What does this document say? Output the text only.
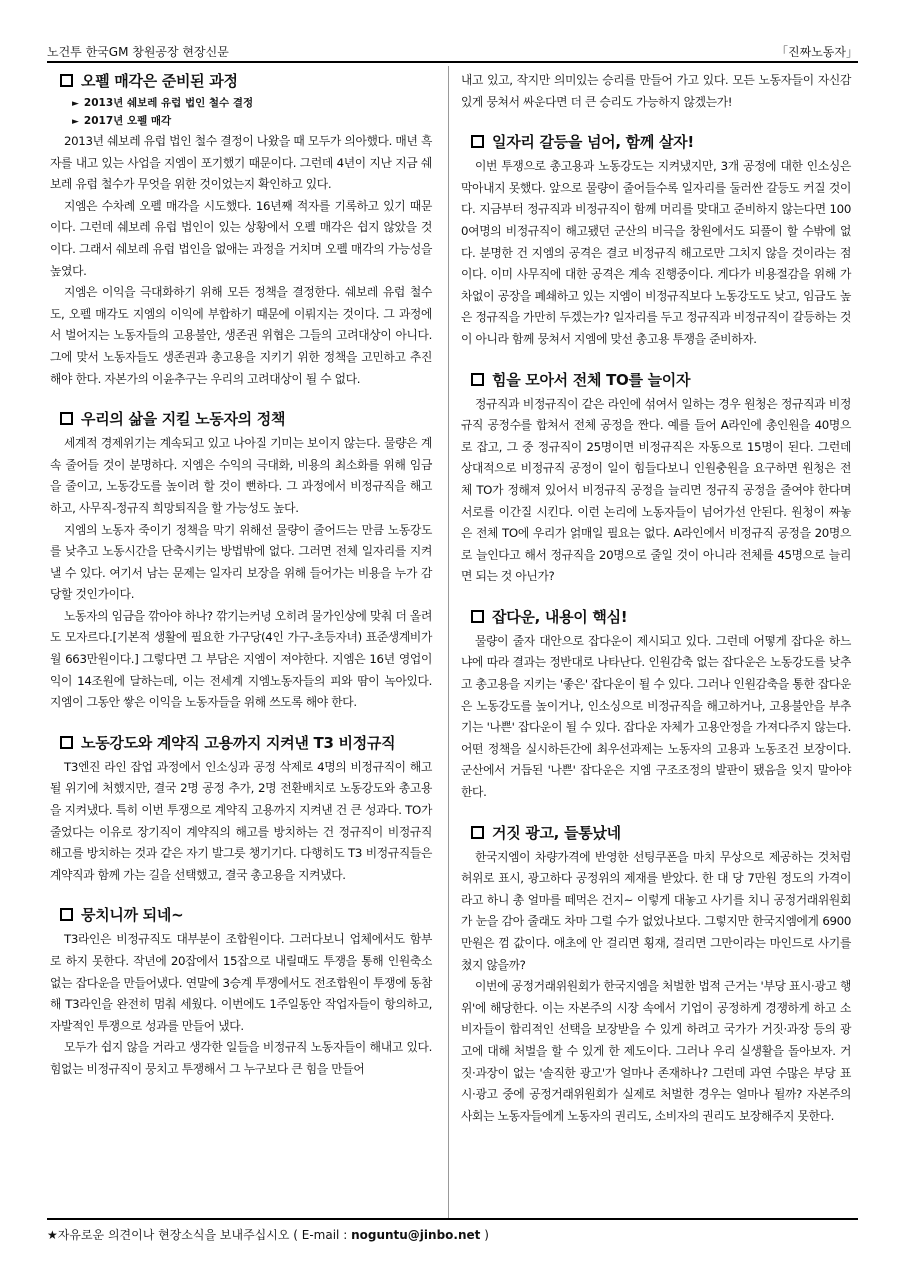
노건투 한국GM 창원공장 현장신문	「진짜노동자」
오펠 매각은 준비된 과정
► 2013년 쉐보레 유럽 법인 철수 결정
► 2017년 오펠 매각

2013년 쉐보레 유럽 법인 철수 결정이 나왔을 때 모두가 의아했다. 매년 흑자를 내고 있는 사업을 지엠이 포기했기 때문이다. 그런데 4년이 지난 지금 쉐보레 유럽 철수가 무엇을 위한 것이었는지 확인하고 있다.

지엠은 수차례 오펠 매각을 시도했다. 16년째 적자를 기록하고 있기 때문이다. 그런데 쉐보레 유럽 법인이 있는 상황에서 오펠 매각은 쉽지 않았을 것이다. 그래서 쉐보레 유럽 법인을 없애는 과정을 거치며 오펠 매각의 가능성을 높였다.

지엠은 이익을 극대화하기 위해 모든 정책을 결정한다. 쉐보레 유럽 철수도, 오펠 매각도 지엠의 이익에 부합하기 때문에 이뤄지는 것이다. 그 과정에서 벌어지는 노동자들의 고용불안, 생존권 위협은 그들의 고려대상이 아니다. 그에 맞서 노동자들도 생존권과 총고용을 지키기 위한 정책을 고민하고 추진해야 한다. 자본가의 이윤추구는 우리의 고려대상이 될 수 없다.

우리의 삶을 지킬 노동자의 정책

세계적 경제위기는 계속되고 있고 나아질 기미는 보이지 않는다. 물량은 계속 줄어들 것이 분명하다. 지엠은 수익의 극대화, 비용의 최소화를 위해 임금을 줄이고, 노동강도를 높이려 할 것이 뻔하다. 그 과정에서 비정규직을 해고하고, 사무직-정규직 희망퇴직을 할 가능성도 높다.

지엠의 노동자 죽이기 정책을 막기 위해선 물량이 줄어드는 만큼 노동강도를 낮추고 노동시간을 단축시키는 방법밖에 없다. 그러면 전체 일자리를 지켜낼 수 있다. 여기서 남는 문제는 일자리 보장을 위해 들어가는 비용을 누가 감당할 것인가이다.

노동자의 임금을 깎아야 하나? 깎기는커녕 오히려 물가인상에 맞춰 더 올려도 모자르다.[기본적 생활에 필요한 가구당(4인 가구-초등자녀) 표준생계비가 월 663만원이다.] 그렇다면 그 부담은 지엠이 져야한다. 지엠은 16년 영업이익이 14조원에 달하는데, 이는 전세계 지엠노동자들의 피와 땀이 녹아있다. 지엠이 그동안 쌓은 이익을 노동자들을 위해 쓰도록 해야 한다.

노동강도와 계약직 고용까지 지켜낸 T3 비정규직

T3엔진 라인 잡업 과정에서 인소싱과 공정 삭제로 4명의 비정규직이 해고될 위기에 처했지만, 결국 2명 공정 추가, 2명 전환배치로 노동강도와 총고용을 지켜냈다. 특히 이번 투쟁으로 계약직 고용까지 지켜낸 건 큰 성과다. TO가 줄었다는 이유로 장기직이 계약직의 해고를 방치하는 건 정규직이 비정규직 해고를 방치하는 것과 같은 자기 발그릇 챙기기다. 다행히도 T3 비정규직들은 계약직과 함께 가는 길을 선택했고, 결국 총고용을 지켜냈다.

뭉치니까 되네~

T3라인은 비정규직도 대부분이 조합원이다. 그러다보니 업체에서도 함부로 하지 못한다. 작년에 20잡에서 15잡으로 내릴때도 투쟁을 통해 인원축소 없는 잡다운을 만들어냈다. 연말에 3승계 투쟁에서도 전조합원이 투쟁에 동참해 T3라인을 완전히 멈춰 세웠다. 이번에도 1주일동안 작업자들이 항의하고, 자발적인 투쟁으로 성과를 만들어 냈다.

모두가 쉽지 않을 거라고 생각한 일들을 비정규직 노동자들이 해내고 있다. 힘없는 비정규직이 뭉치고 투쟁해서 그 누구보다 큰 힘을 만들어

내고 있고, 작지만 의미있는 승리를 만들어 가고 있다. 모든 노동자들이 자신감 있게 뭉쳐서 싸운다면 더 큰 승리도 가능하지 않겠는가!

일자리 갈등을 넘어, 함께 살자!

이번 투쟁으로 총고용과 노동강도는 지켜냈지만, 3개 공정에 대한 인소싱은 막아내지 못했다. 앞으로 물량이 줄어들수록 일자리를 둘러싼 갈등도 커질 것이다. 지금부터 정규직과 비정규직이 함께 머리를 맞대고 준비하지 않는다면 1000여명의 비정규직이 해고됐던 군산의 비극을 창원에서도 되풀이 할 수밖에 없다. 분명한 건 지엠의 공격은 결코 비정규직 해고로만 그치지 않을 것이라는 점이다. 이미 사무직에 대한 공격은 계속 진행중이다. 게다가 비용절감을 위해 가차없이 공장을 폐쇄하고 있는 지엠이 비정규직보다 노동강도도 낮고, 임금도 높은 정규직을 가만히 두겠는가? 일자리를 두고 정규직과 비정규직이 갈등하는 것이 아니라 함께 뭉쳐서 지엠에 맞선 총고용 투쟁을 준비하자.

힘을 모아서 전체 TO를 늘이자

정규직과 비정규직이 같은 라인에 섞여서 일하는 경우 원청은 정규직과 비정규직 공정수를 합쳐서 전체 공정을 짠다. 예를 들어 A라인에 총인원을 40명으로 잡고, 그 중 정규직이 25명이면 비정규직은 자동으로 15명이 된다. 그런데 상대적으로 비정규직 공정이 일이 힘들다보니 인원충원을 요구하면 원청은 전체 TO가 정해져 있어서 비정규직 공정을 늘리면 정규직 공정을 줄여야 한다며 서로를 이간질 시킨다. 이런 논리에 노동자들이 넘어가선 안된다. 원청이 짜놓은 전체 TO에 우리가 얽매일 필요는 없다. A라인에서 비정규직 공정을 20명으로 늘인다고 해서 정규직을 20명으로 줄일 것이 아니라 전체를 45명으로 늘리면 되는 것 아닌가?

잡다운, 내용이 핵심!

물량이 줄자 대안으로 잡다운이 제시되고 있다. 그런데 어떻게 잡다운 하느냐에 따라 결과는 정반대로 나타난다. 인원감축 없는 잡다운은 노동강도를 낮추고 총고용을 지키는 '좋은' 잡다운이 될 수 있다. 그러나 인원감축을 통한 잡다운은 노동강도를 높이거나, 인소싱으로 비정규직을 해고하거나, 고용불안을 부추기는 '나쁜' 잡다운이 될 수 있다. 잡다운 자체가 고용안정을 가져다주지 않는다. 어떤 정책을 실시하든간에 최우선과제는 노동자의 고용과 노동조건 보장이다. 군산에서 거듭된 '나쁜' 잡다운은 지엠 구조조정의 발판이 됐음을 잊지 말아야 한다.

거짓 광고, 들통났네

한국지엠이 차량가격에 반영한 선팅쿠폰을 마치 무상으로 제공하는 것처럼 허위로 표시, 광고하다 공정위의 제재를 받았다. 한 대 당 7만원 정도의 가격이라고 하니 총 얼마를 떼먹은 건지~ 이렇게 대놓고 사기를 치니 공정거래위원회가 눈을 감아 줄래도 차마 그럴 수가 없었나보다. 그렇지만 한국지엠에게 6900만원은 껌 값이다. 애초에 안 걸리면 횡재, 걸리면 그만이라는 마인드로 사기를 쳤지 않을까?

이번에 공정거래위원회가 한국지엠을 처벌한 법적 근거는 '부당 표시·광고 행위'에 해당한다. 이는 자본주의 시장 속에서 기업이 공정하게 경쟁하게 하고 소비자들이 합리적인 선택을 보장받을 수 있게 하려고 국가가 거짓·과장 등의 광고에 대해 처벌을 할 수 있게 한 제도이다. 그러나 우리 실생활을 돌아보자. 거짓·과장이 없는 '솔직한 광고'가 얼마나 존재하나? 그런데 과연 수많은 부당 표시·광고 중에 공정거래위원회가 실제로 처벌한 경우는 얼마나 될까? 자본주의 사회는 노동자들에게 노동자의 권리도, 소비자의 권리도 보장해주지 못한다.

★자유로운 의견이나 현장소식을 보내주십시오 ( E-mail : noguntu@jinbo.net )
